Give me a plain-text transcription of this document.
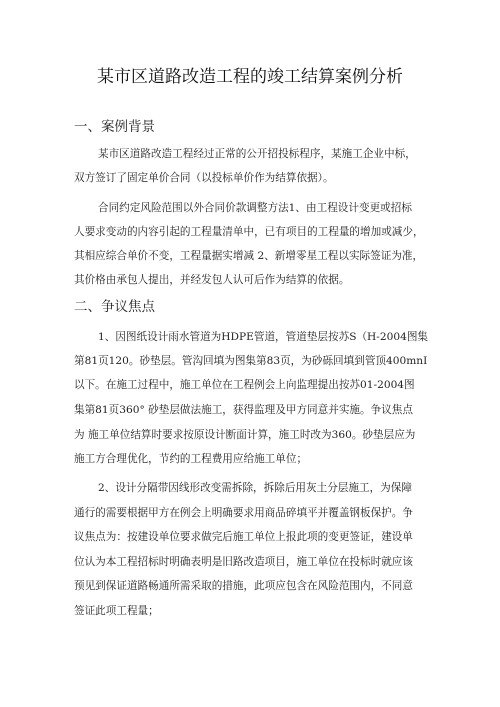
某市区道路改造工程的竣工结算案例分析
一、案例背景
某市区道路改造工程经过正常的公开招投标程序，某施工企业中标，
双方签订了固定单价合同（以投标单价作为结算依据）。
合同约定风险范围以外合同价款调整方法1、由工程设计变更或招标
人要求变动的内容引起的工程量清单中，已有项目的工程量的增加或减少，
其相应综合单价不变，工程量据实增减 2、新增零星工程以实际签证为准，
其价格由承包人提出，并经发包人认可后作为结算的依据。
二、争议焦点
1、因图纸设计雨水管道为HDPE管道，管道垫层按苏S（H-2004图集
第81页120。砂垫层。管沟回填为图集第83页，为砂砾回填到管顶400mnI
以下。在施工过程中，施工单位在工程例会上向监理提出按苏01-2004图
集第81页360° 砂垫层做法施工，获得监理及甲方同意并实施。争议焦点
为 施工单位结算时要求按原设计断面计算，施工时改为360。砂垫层应为
施工方合理优化，节约的工程费用应给施工单位；
2、设计分隔带因线形改变需拆除，拆除后用灰土分层施工，为保障
通行的需要根据甲方在例会上明确要求用商品碎填平并覆盖钢板保护。争
议焦点为：按建设单位要求做完后施工单位上报此项的变更签证，建设单
位认为本工程招标时明确表明是旧路改造项目，施工单位在投标时就应该
预见到保证道路畅通所需采取的措施，此项应包含在风险范围内，不同意
签证此项工程量；
